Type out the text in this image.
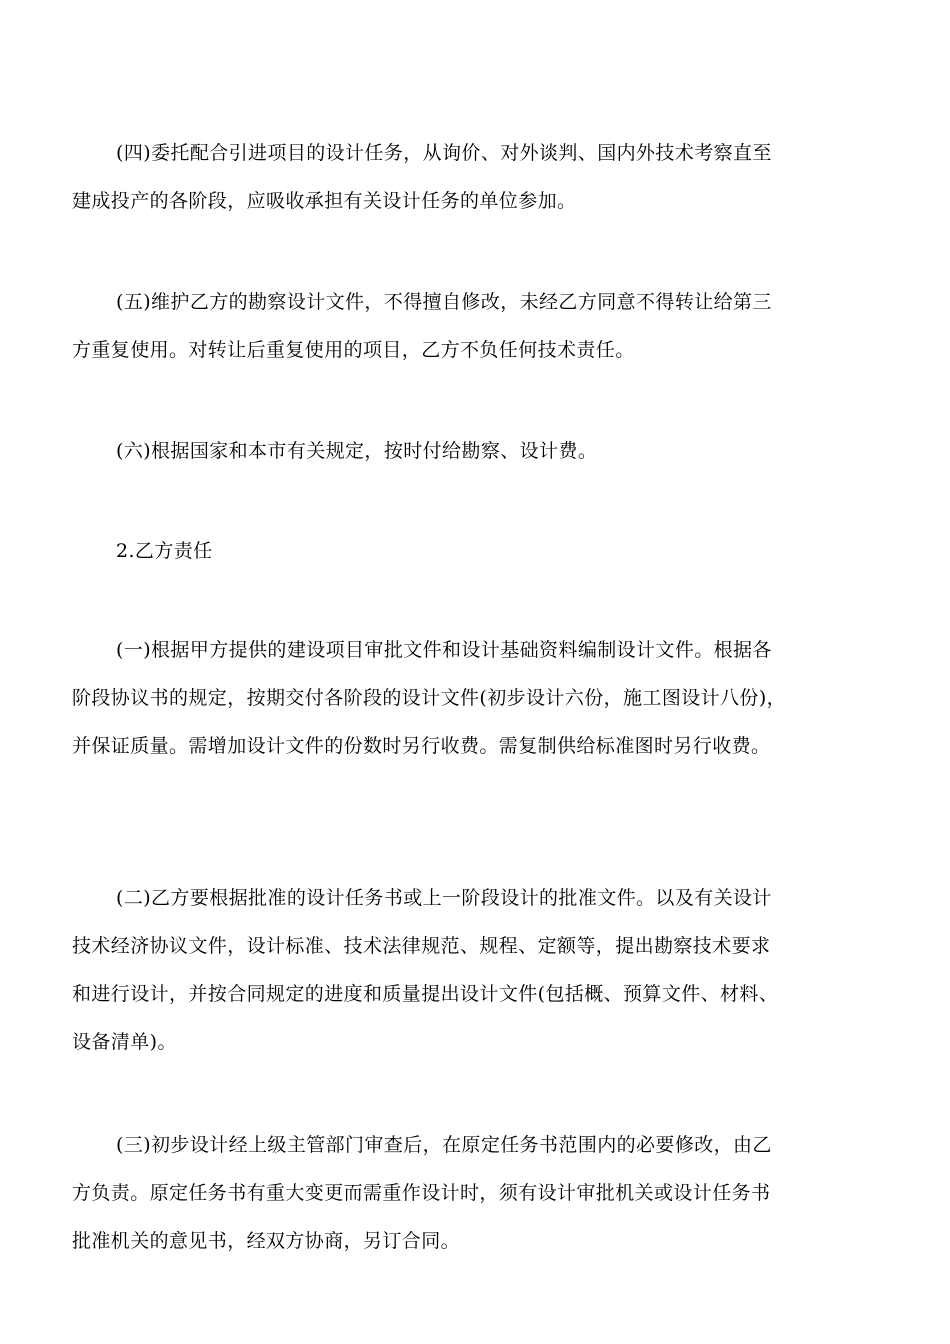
(四)委托配合引进项目的设计任务，从询价、对外谈判、国内外技术考察直至
建成投产的各阶段，应吸收承担有关设计任务的单位参加。

(五)维护乙方的勘察设计文件，不得擅自修改，未经乙方同意不得转让给第三
方重复使用。对转让后重复使用的项目，乙方不负任何技术责任。

(六)根据国家和本市有关规定，按时付给勘察、设计费。

2.乙方责任

(一)根据甲方提供的建设项目审批文件和设计基础资料编制设计文件。根据各
阶段协议书的规定，按期交付各阶段的设计文件(初步设计六份，施工图设计八份)，
并保证质量。需增加设计文件的份数时另行收费。需复制供给标准图时另行收费。

(二)乙方要根据批准的设计任务书或上一阶段设计的批准文件。以及有关设计
技术经济协议文件，设计标准、技术法律规范、规程、定额等，提出勘察技术要求
和进行设计，并按合同规定的进度和质量提出设计文件(包括概、预算文件、材料、
设备清单)。

(三)初步设计经上级主管部门审查后，在原定任务书范围内的必要修改，由乙
方负责。原定任务书有重大变更而需重作设计时，须有设计审批机关或设计任务书
批准机关的意见书，经双方协商，另订合同。
